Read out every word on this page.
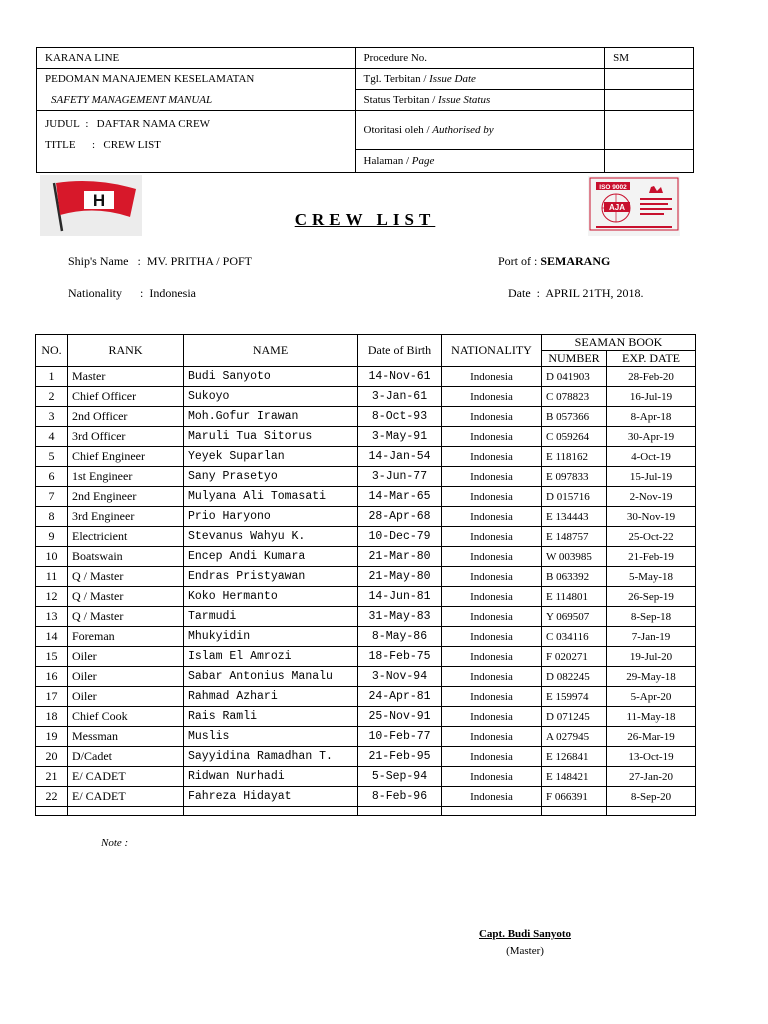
KARANA LINE	Procedure No.	SM
PEDOMAN MANAJEMEN KESELAMATAN	Tgl. Terbitan / Issue Date	
SAFETY MANAGEMENT MANUAL	Status Terbitan / Issue Status	

JUDUL  :   DAFTAR NAMA CREW
TITLE      :   CREW LIST	Otoritasi oleh / Authorised by	
	Halaman / Page	
H
ISO 9002
AJA
CREW LIST
Ship's Name   :  MV. PRITHA / POFT
Nationality      :  Indonesia
Port of : SEMARANG
Date  :  APRIL 21TH, 2018.
NO.	RANK	NAME	Date of Birth	NATIONALITY	SEAMAN BOOK	
					NUMBER	EXP. DATE
1	Master	Budi Sanyoto	14-Nov-61	Indonesia	D 041903	28-Feb-20
2	Chief Officer	Sukoyo	3-Jan-61	Indonesia	C 078823	16-Jul-19
3	2nd Officer	Moh.Gofur Irawan	8-Oct-93	Indonesia	B 057366	8-Apr-18
4	3rd Officer	Maruli Tua Sitorus	3-May-91	Indonesia	C 059264	30-Apr-19
5	Chief Engineer	Yeyek Suparlan	14-Jan-54	Indonesia	E 118162	4-Oct-19
6	1st Engineer	Sany Prasetyo	3-Jun-77	Indonesia	E 097833	15-Jul-19
7	2nd Engineer	Mulyana Ali Tomasati	14-Mar-65	Indonesia	D 015716	2-Nov-19
8	3rd Engineer	Prio Haryono	28-Apr-68	Indonesia	E 134443	30-Nov-19
9	Electricient	Stevanus Wahyu K.	10-Dec-79	Indonesia	E 148757	25-Oct-22
10	Boatswain	Encep Andi Kumara	21-Mar-80	Indonesia	W 003985	21-Feb-19
11	Q / Master	Endras Pristyawan	21-May-80	Indonesia	B 063392	5-May-18
12	Q / Master	Koko Hermanto	14-Jun-81	Indonesia	E 114801	26-Sep-19
13	Q / Master	Tarmudi	31-May-83	Indonesia	Y 069507	8-Sep-18
14	Foreman	Mhukyidin	8-May-86	Indonesia	C 034116	7-Jan-19
15	Oiler	Islam El Amrozi	18-Feb-75	Indonesia	F 020271	19-Jul-20
16	Oiler	Sabar Antonius Manalu	3-Nov-94	Indonesia	D 082245	29-May-18
17	Oiler	Rahmad Azhari	24-Apr-81	Indonesia	E 159974	5-Apr-20
18	Chief Cook	Rais Ramli	25-Nov-91	Indonesia	D 071245	11-May-18
19	Messman	Muslis	10-Feb-77	Indonesia	A 027945	26-Mar-19
20	D/Cadet	Sayyidina Ramadhan T.	21-Feb-95	Indonesia	E 126841	13-Oct-19
21	E/ CADET	Ridwan Nurhadi	5-Sep-94	Indonesia	E 148421	27-Jan-20
22	E/ CADET	Fahreza Hidayat	8-Feb-96	Indonesia	F 066391	8-Sep-20

Note :
Capt. Budi Sanyoto
(Master)
